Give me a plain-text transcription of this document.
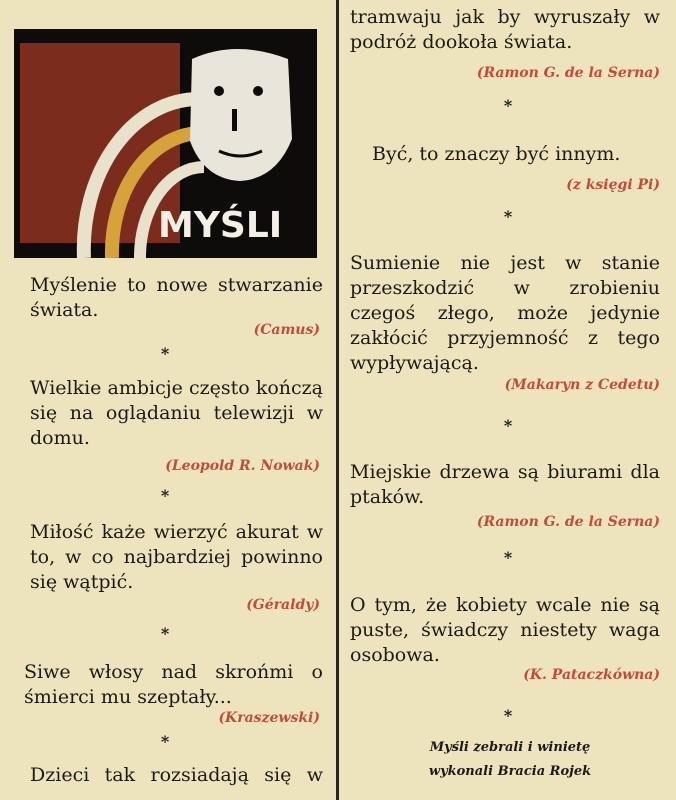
MYŚLI
Myślenie to nowe stwarzanie świata.
(Camus)
*
Wielkie ambicje często kończą się na oglądaniu telewizji w domu.
(Leopold R. Nowak)
*
Miłość każe wierzyć akurat w to, w co najbardziej powinno się wątpić.
(Géraldy)
*
Siwe włosy nad skrońmi o śmierci mu szeptały...
(Kraszewski)
*
Dzieci tak rozsiadają się w
tramwaju jak by wyruszały w podróż dookoła świata.
(Ramon G. de la Serna)
*
Być, to znaczy być innym.
(z księgi Pi)
*
Sumienie nie jest w stanie przeszkodzić w zrobieniu czegoś złego, może jedynie zakłócić przyjemność z tego wypływającą.
(Makaryn z Cedetu)
*
Miejskie drzewa są biurami dla ptaków.
(Ramon G. de la Serna)
*
O tym, że kobiety wcale nie są puste, świadczy niestety waga osobowa.
(K. Pataczkówna)
*
Myśli zebrali i winietę
wykonali Bracia Rojek
